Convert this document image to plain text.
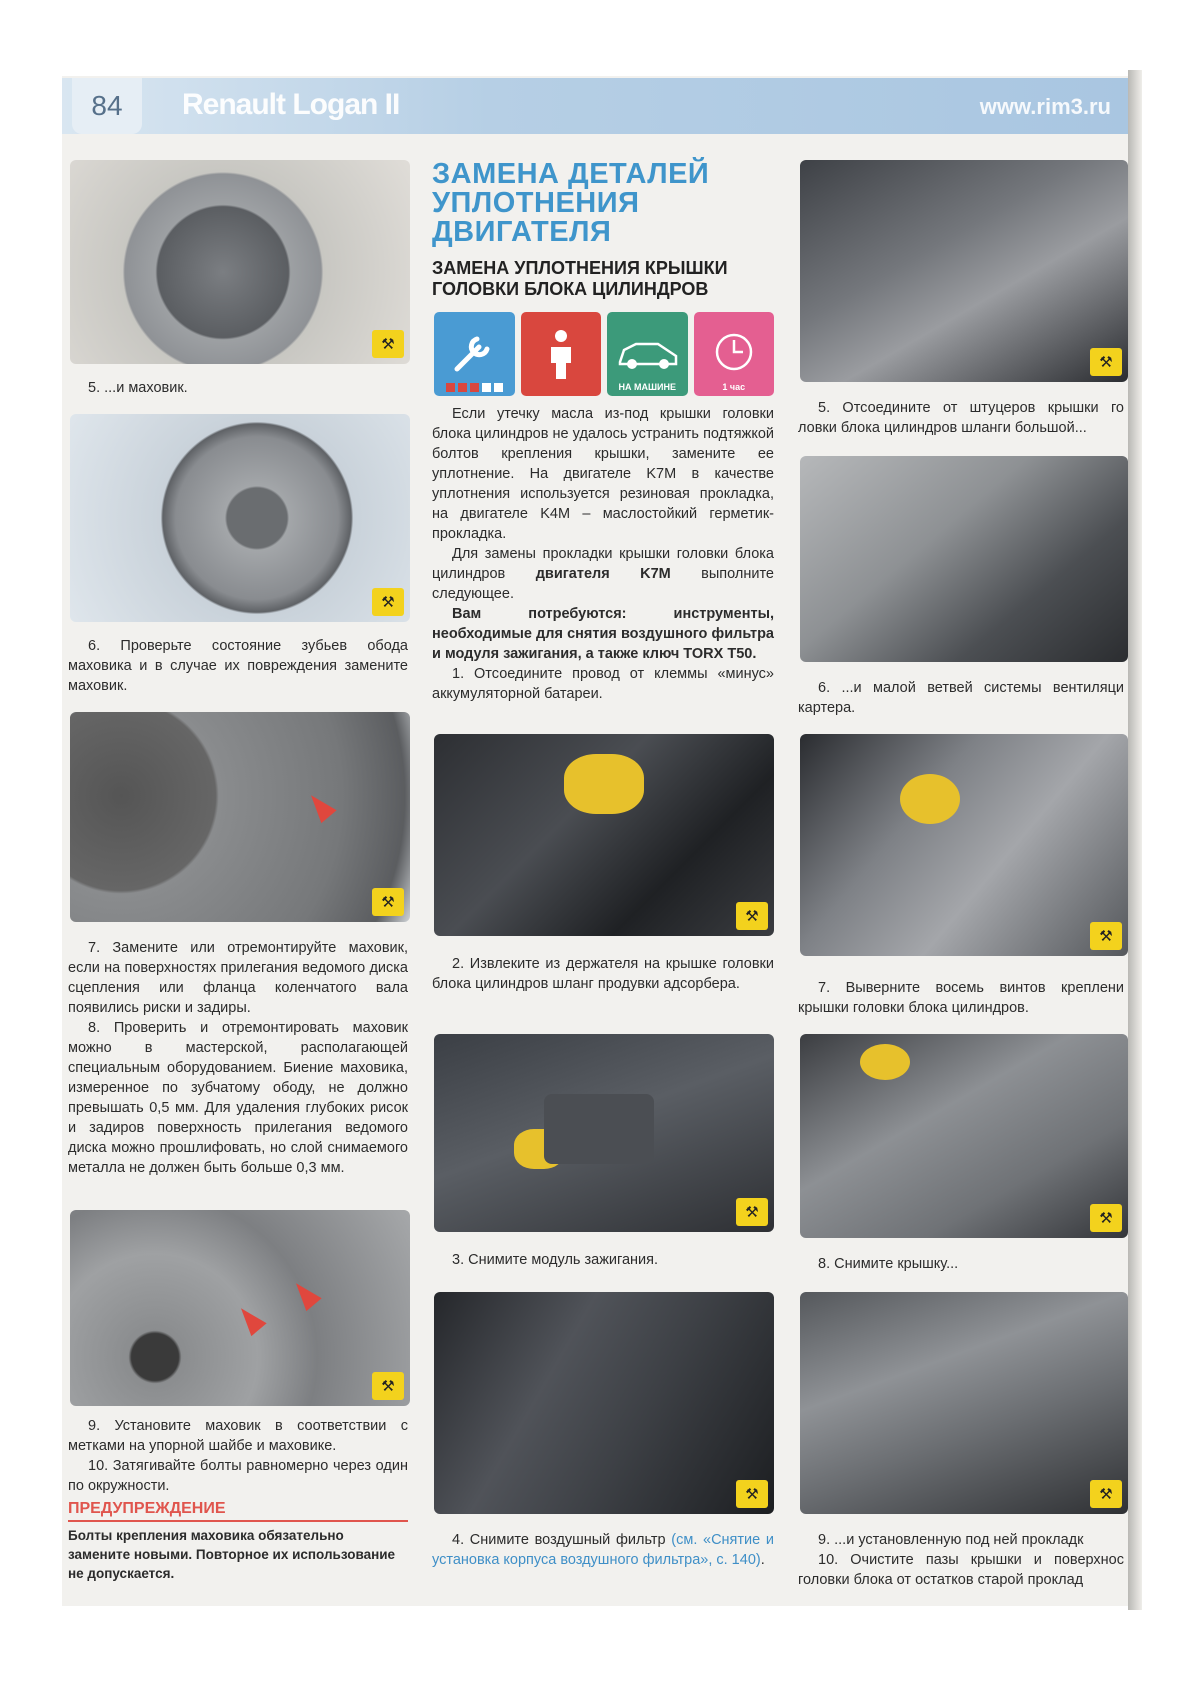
84	Renault Logan II	www.rim3.ru
⚒

5. ...и маховик.

⚒

6. Проверьте состояние зубьев обода маховика и в случае их повреждения замените маховик.

⚒

7. Замените или отремонтируйте маховик, если на поверхностях прилегания ведомого диска сцепления или фланца коленчатого вала появились риски и задиры.

8. Проверить и отремонтировать маховик можно в мастерской, располагающей специальным оборудованием. Биение маховика, измеренное по зубчатому ободу, не должно превышать 0,5 мм. Для удаления глубоких рисок и задиров поверхность прилегания ведомого диска можно прошлифовать, но слой снимаемого металла не должен быть больше 0,3 мм.

⚒

9. Установите маховик в соответствии с метками на упорной шайбе и маховике.

10. Затягивайте болты равномерно через один по окружности.

ПРЕДУПРЕЖДЕНИЕ
Болты крепления маховика обязательно замените новыми. Повторное их использование не допускается.
ЗАМЕНА ДЕТАЛЕЙ
УПЛОТНЕНИЯ
ДВИГАТЕЛЯ
ЗАМЕНА УПЛОТНЕНИЯ КРЫШКИ ГОЛОВКИ БЛОКА ЦИЛИНДРОВ
НА МАШИНЕ	1 час

Если утечку масла из-под крышки головки блока цилиндров не удалось устранить подтяжкой болтов крепления крышки, замените ее уплотнение. На двигателе K7M в качестве уплотнения используется резиновая прокладка, на двигателе K4M – маслостойкий герметик-прокладка.

Для замены прокладки крышки головки блока цилиндров двигателя K7M выполните следующее.

Вам потребуются: инструменты, необходимые для снятия воздушного фильтра и модуля зажигания, а также ключ TORX T50.

1. Отсоедините провод от клеммы «минус» аккумуляторной батареи.

⚒

2. Извлеките из держателя на крышке головки блока цилиндров шланг продувки адсорбера.

⚒

3. Снимите модуль зажигания.

⚒

4. Снимите воздушный фильтр (см. «Снятие и установка корпуса воздушного фильтра», с. 140).

⚒

5. Отсоедините от штуцеров крышки го ловки блока цилиндров шланги большой...

6. ...и малой ветвей системы вентиляци картера.

⚒

7. Выверните восемь винтов креплени крышки головки блока цилиндров.

⚒

8. Снимите крышку...

⚒

9. ...и установленную под ней прокладк

10. Очистите пазы крышки и поверхнос головки блока от остатков старой проклад
